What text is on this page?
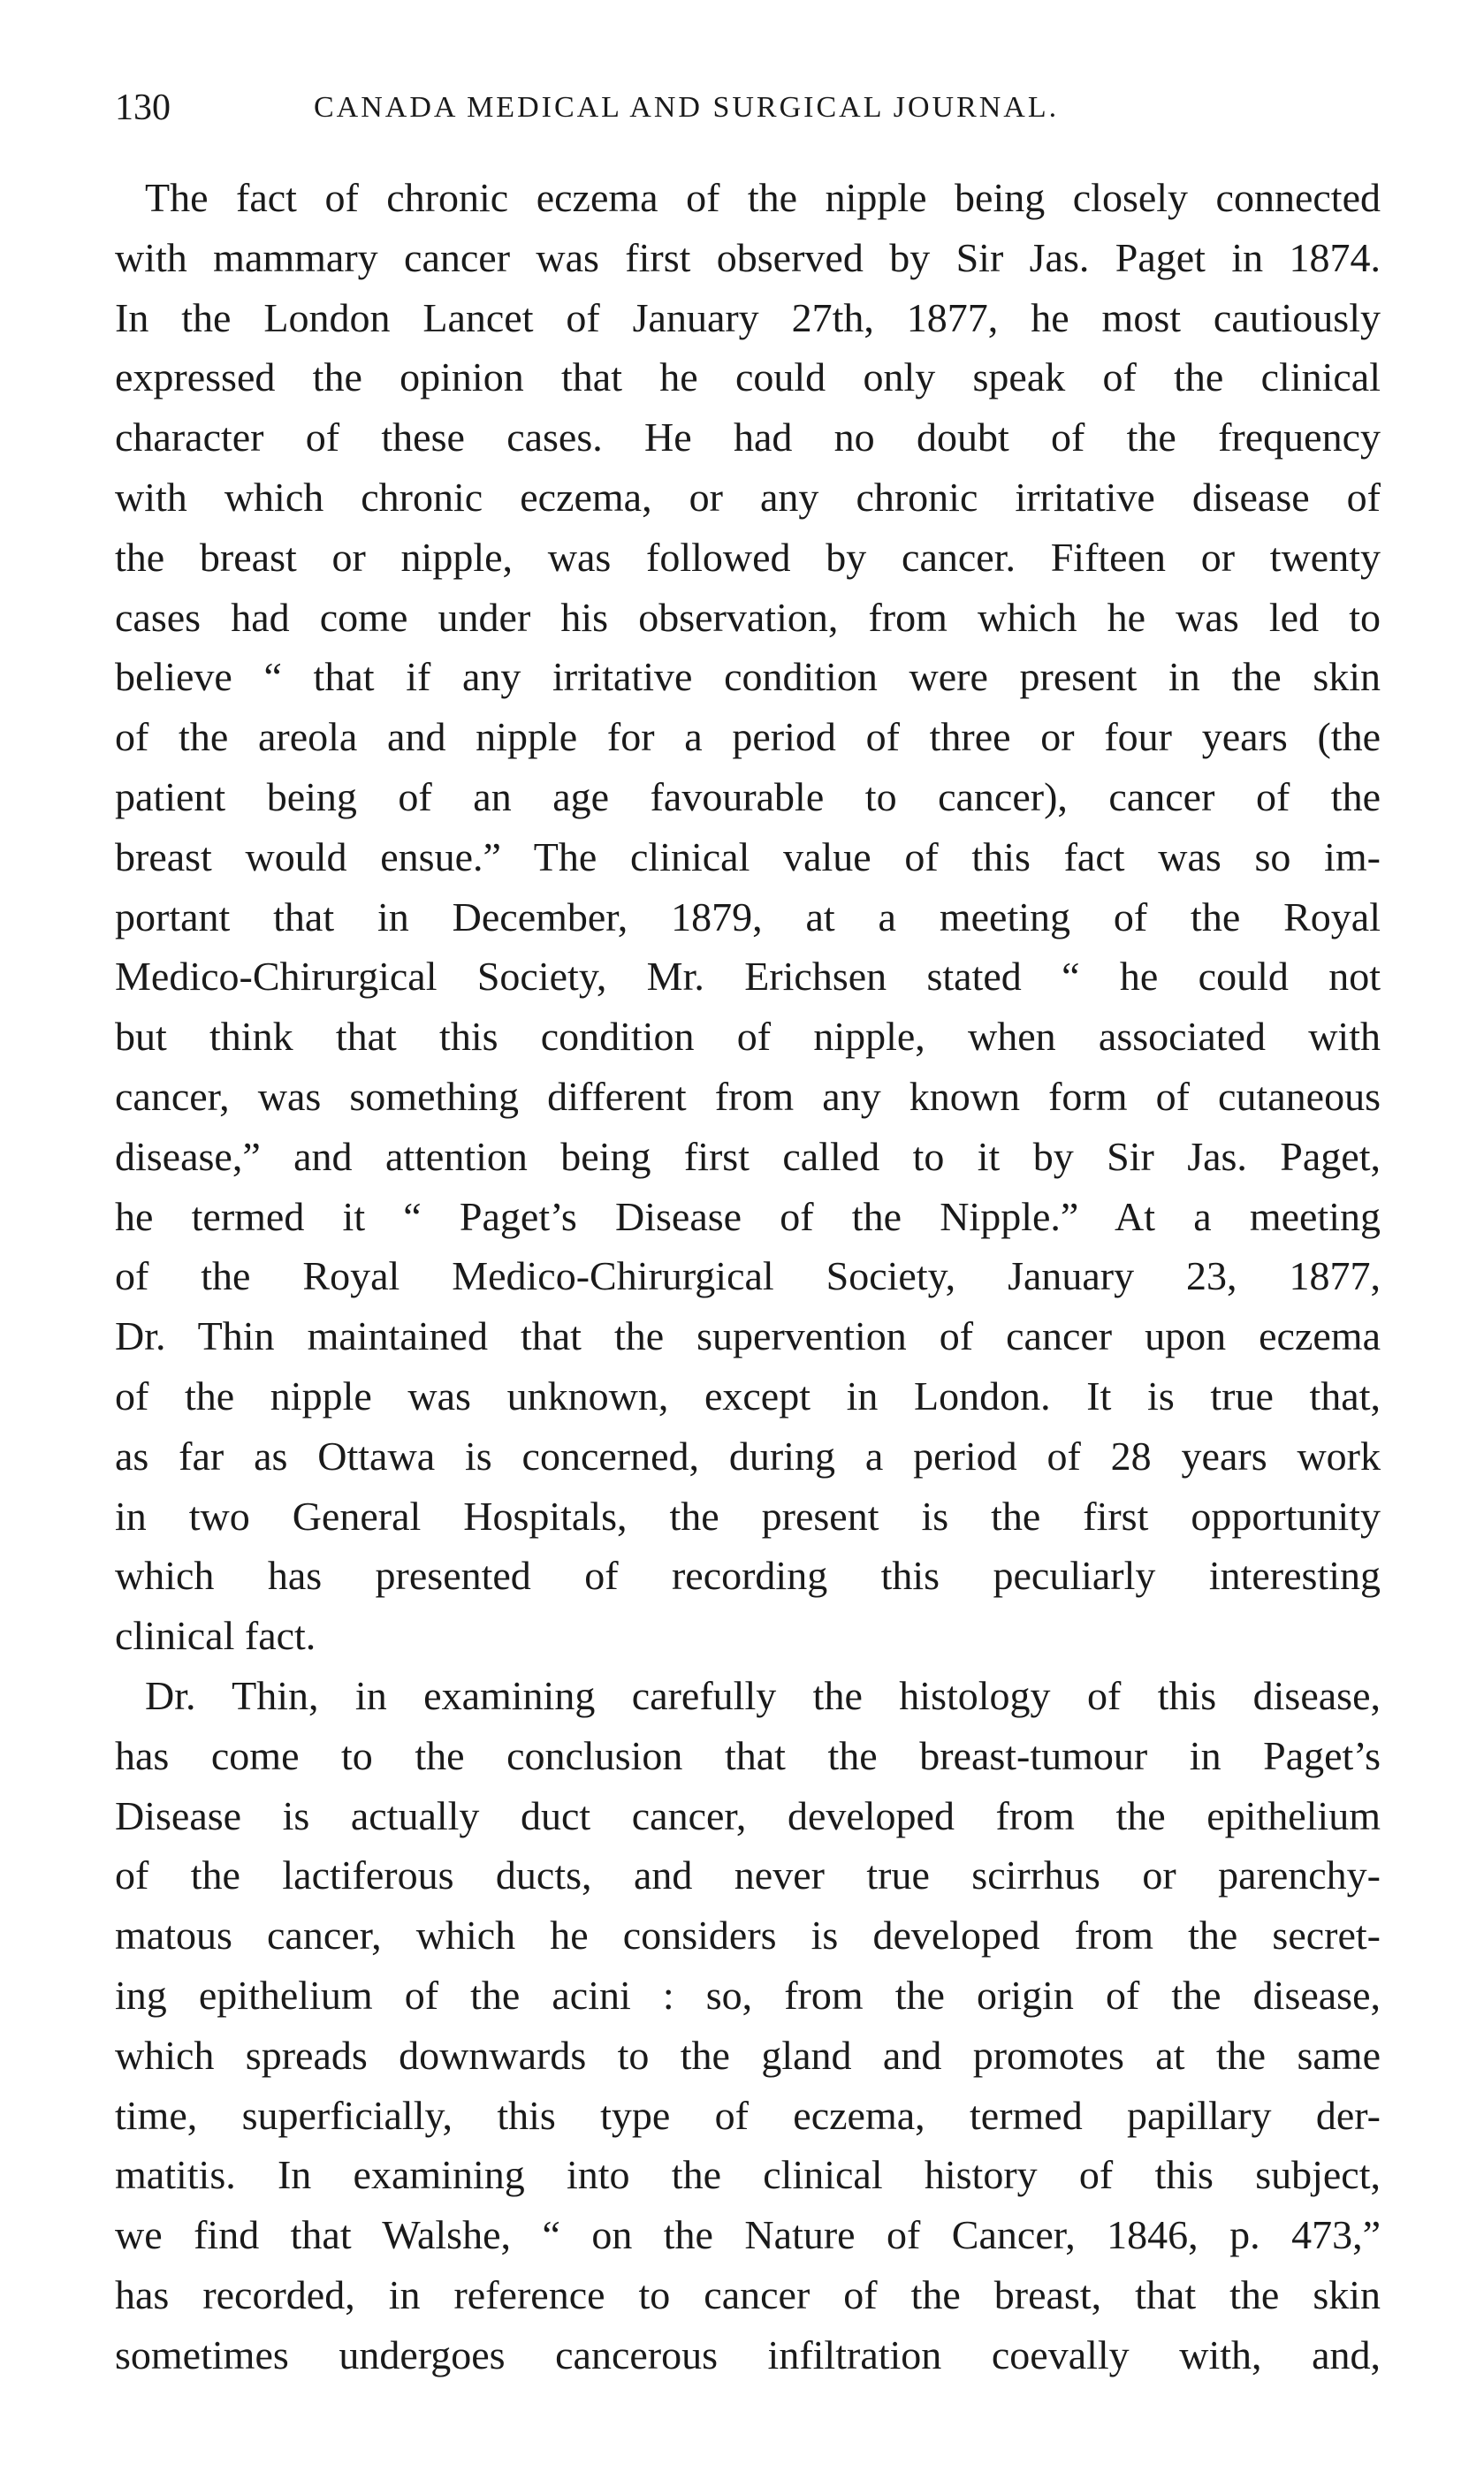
130	CANADA MEDICAL AND SURGICAL JOURNAL.
The fact of chronic eczema of the nipple being closely connected
with mammary cancer was first observed by Sir Jas. Paget in 1874.
In the London Lancet of January 27th, 1877, he most cautiously
expressed the opinion that he could only speak of the clinical
character of these cases. He had no doubt of the frequency
with which chronic eczema, or any chronic irritative disease of
the breast or nipple, was followed by cancer. Fifteen or twenty
cases had come under his observation, from which he was led to
believe “ that if any irritative condition were present in the skin
of the areola and nipple for a period of three or four years (the
patient being of an age favourable to cancer), cancer of the
breast would ensue.” The clinical value of this fact was so im-
portant that in December, 1879, at a meeting of the Royal
Medico-Chirurgical Society, Mr. Erichsen stated “ he could not
but think that this condition of nipple, when associated with
cancer, was something different from any known form of cutaneous
disease,” and attention being first called to it by Sir Jas. Paget,
he termed it “ Paget’s Disease of the Nipple.” At a meeting
of the Royal Medico-Chirurgical Society, January 23, 1877,
Dr. Thin maintained that the supervention of cancer upon eczema
of the nipple was unknown, except in London. It is true that,
as far as Ottawa is concerned, during a period of 28 years work
in two General Hospitals, the present is the first opportunity
which has presented of recording this peculiarly interesting
clinical fact.
Dr. Thin, in examining carefully the histology of this disease,
has come to the conclusion that the breast-tumour in Paget’s
Disease is actually duct cancer, developed from the epithelium
of the lactiferous ducts, and never true scirrhus or parenchy-
matous cancer, which he considers is developed from the secret-
ing epithelium of the acini : so, from the origin of the disease,
which spreads downwards to the gland and promotes at the same
time, superficially, this type of eczema, termed papillary der-
matitis. In examining into the clinical history of this subject,
we find that Walshe, “ on the Nature of Cancer, 1846, p. 473,”
has recorded, in reference to cancer of the breast, that the skin
sometimes undergoes cancerous infiltration coevally with, and,
